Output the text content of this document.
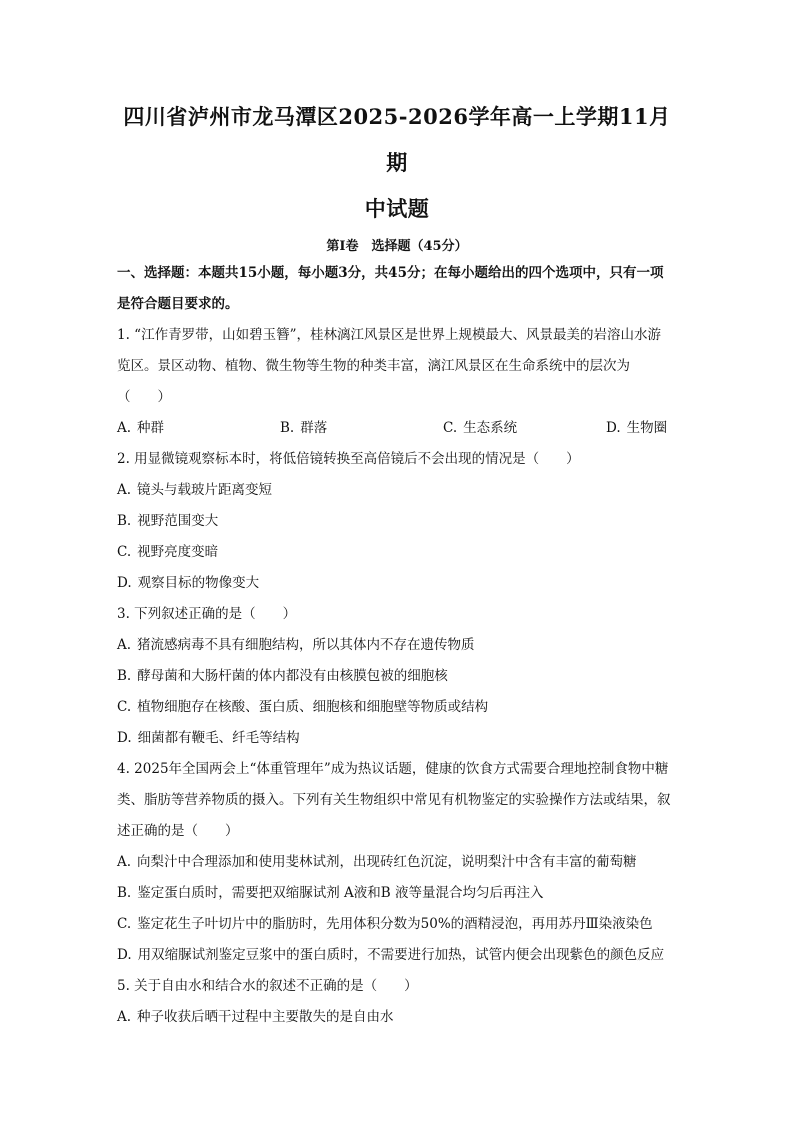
四川省泸州市龙马潭区2025-2026学年高一上学期11月期
中试题
第Ⅰ卷　选择题（45分）
一、选择题：本题共15小题，每小题3分，共45分；在每小题给出的四个选项中，只有一项是符合题目要求的。
1. “江作青罗带，山如碧玉簪”，桂林漓江风景区是世界上规模最大、风景最美的岩溶山水游览区。景区动物、植物、微生物等生物的种类丰富，漓江风景区在生命系统中的层次为（　　）
A. 种群	B. 群落	C. 生态系统	D. 生物圈
2. 用显微镜观察标本时，将低倍镜转换至高倍镜后不会出现的情况是（　　）
A. 镜头与载玻片距离变短
B. 视野范围变大
C. 视野亮度变暗
D. 观察目标的物像变大
3. 下列叙述正确的是（　　）
A. 猪流感病毒不具有细胞结构，所以其体内不存在遗传物质
B. 酵母菌和大肠杆菌的体内都没有由核膜包被的细胞核
C. 植物细胞存在核酸、蛋白质、细胞核和细胞壁等物质或结构
D. 细菌都有鞭毛、纤毛等结构
4. 2025年全国两会上“体重管理年”成为热议话题，健康的饮食方式需要合理地控制食物中糖类、脂肪等营养物质的摄入。下列有关生物组织中常见有机物鉴定的实验操作方法或结果，叙述正确的是（　　）
A. 向梨汁中合理添加和使用斐林试剂，出现砖红色沉淀，说明梨汁中含有丰富的葡萄糖
B. 鉴定蛋白质时，需要把双缩脲试剂 A液和B 液等量混合均匀后再注入
C. 鉴定花生子叶切片中的脂肪时，先用体积分数为50%的酒精浸泡，再用苏丹Ⅲ染液染色
D. 用双缩脲试剂鉴定豆浆中的蛋白质时，不需要进行加热，试管内便会出现紫色的颜色反应
5. 关于自由水和结合水的叙述不正确的是（　　）
A. 种子收获后晒干过程中主要散失的是自由水
